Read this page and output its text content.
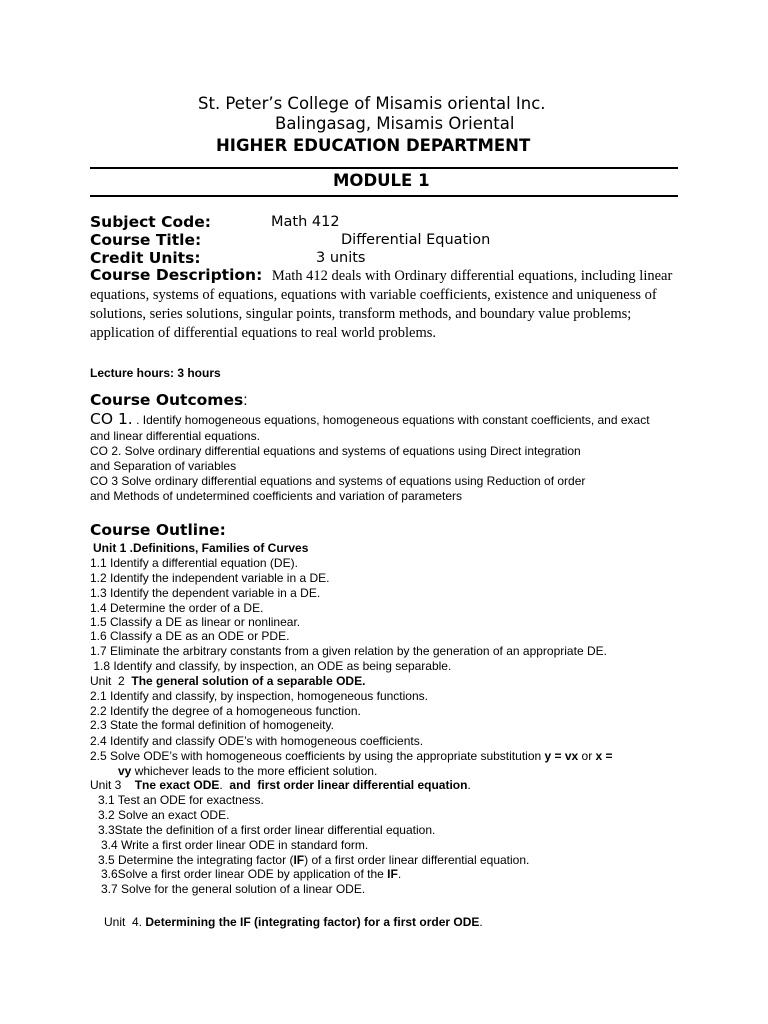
St. Peter’s College of Misamis oriental Inc.
Balingasag, Misamis Oriental
HIGHER EDUCATION DEPARTMENT
MODULE 1
Subject Code:	Math 412
Course Title:	Differential Equation
Credit Units:	3 units
Course Description: Math 412 deals with Ordinary differential equations, including linear equations, systems of equations, equations with variable coefficients, existence and uniqueness of solutions, series solutions, singular points, transform methods, and boundary value problems; application of differential equations to real world problems.
Lecture hours: 3 hours
Course Outcomes:
CO 1. . Identify homogeneous equations, homogeneous equations with constant coefficients, and exact
and linear differential equations.
CO 2. Solve ordinary differential equations and systems of equations using Direct integration
and Separation of variables
CO 3 Solve ordinary differential equations and systems of equations using Reduction of order
and Methods of undetermined coefficients and variation of parameters
Course Outline:
Unit 1 .Definitions, Families of Curves
1.1 Identify a differential equation (DE).
1.2 Identify the independent variable in a DE.
1.3 Identify the dependent variable in a DE.
1.4 Determine the order of a DE.
1.5 Classify a DE as linear or nonlinear.
1.6 Classify a DE as an ODE or PDE.
1.7 Eliminate the arbitrary constants from a given relation by the generation of an appropriate DE.
1.8 Identify and classify, by inspection, an ODE as being separable.
Unit  2  The general solution of a separable ODE.
2.1 Identify and classify, by inspection, homogeneous functions.
2.2 Identify the degree of a homogeneous function.
2.3 State the formal definition of homogeneity.
2.4 Identify and classify ODE’s with homogeneous coefficients.
2.5 Solve ODE’s with homogeneous coefficients by using the appropriate substitution y = vx or x =
vy whichever leads to the more efficient solution.
Unit 3    Tne exact ODE.  and  first order linear differential equation.
3.1 Test an ODE for exactness.
3.2 Solve an exact ODE.
3.3State the definition of a first order linear differential equation.
3.4 Write a first order linear ODE in standard form.
3.5 Determine the integrating factor (IF) of a first order linear differential equation.
3.6Solve a first order linear ODE by application of the IF.
3.7 Solve for the general solution of a linear ODE.
Unit  4. Determining the IF (integrating factor) for a first order ODE.
